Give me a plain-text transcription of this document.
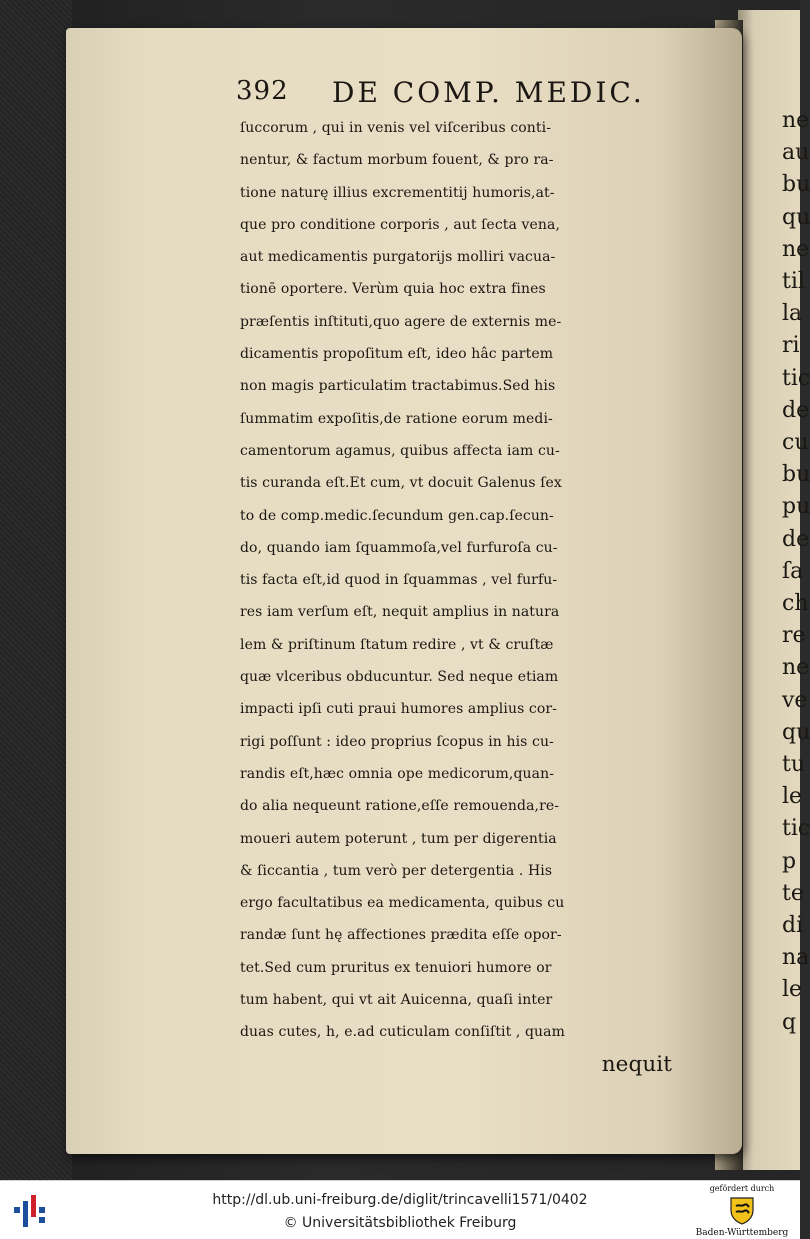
ne
au
bu
qu
ne
til
la
ri
tic
de
cu
bu
pu
de
ſa
ch
re
ne
ve
qu
tu
le
tic
p
te
di
na
le
q
392 DE COMP. MEDIC.
ſuccorum , qui in venis vel viſceribus conti-
nentur, & factum morbum fouent, & pro ra-
tione naturę illius excrementitij humoris,at-
que pro conditione corporis , aut ſecta vena,
aut medicamentis purgatorijs molliri vacua-
tionē oportere. Verùm quia hoc extra fines
præſentis inſtituti,quo agere de externis me-
dicamentis propoſitum eſt, ideo hâc partem
non magis particulatim tractabimus.Sed his
ſummatim expoſitis,de ratione eorum medi-
camentorum agamus, quibus affecta iam cu-
tis curanda eſt.Et cum, vt docuit Galenus ſex
to de comp.medic.ſecundum gen.cap.ſecun-
do, quando iam ſquammoſa,vel furfuroſa cu-
tis facta eſt,id quod in ſquammas , vel furfu-
res iam verſum eſt, nequit amplius in natura
lem & priſtinum ſtatum redire , vt & cruſtæ
quæ vlceribus obducuntur. Sed neque etiam
impacti ipſi cuti praui humores amplius cor-
rigi poſſunt : ideo proprius ſcopus in his cu-
randis eſt,hæc omnia ope medicorum,quan-
do alia nequeunt ratione,eſſe remouenda,re-
moueri autem poterunt , tum per digerentia
& ſiccantia , tum verò per detergentia . His
ergo facultatibus ea medicamenta, quibus cu
randæ ſunt hę affectiones prædita eſſe opor-
tet.Sed cum pruritus ex tenuiori humore or
tum habent, qui vt ait Auicenna, quaſi inter
duas cutes, h, e.ad cuticulam conſiſtit , quam
nequit
http://dl.ub.uni-freiburg.de/diglit/trincavelli1571/0402
© Universitätsbibliothek Freiburg
gefördert durch
Baden-Württemberg
